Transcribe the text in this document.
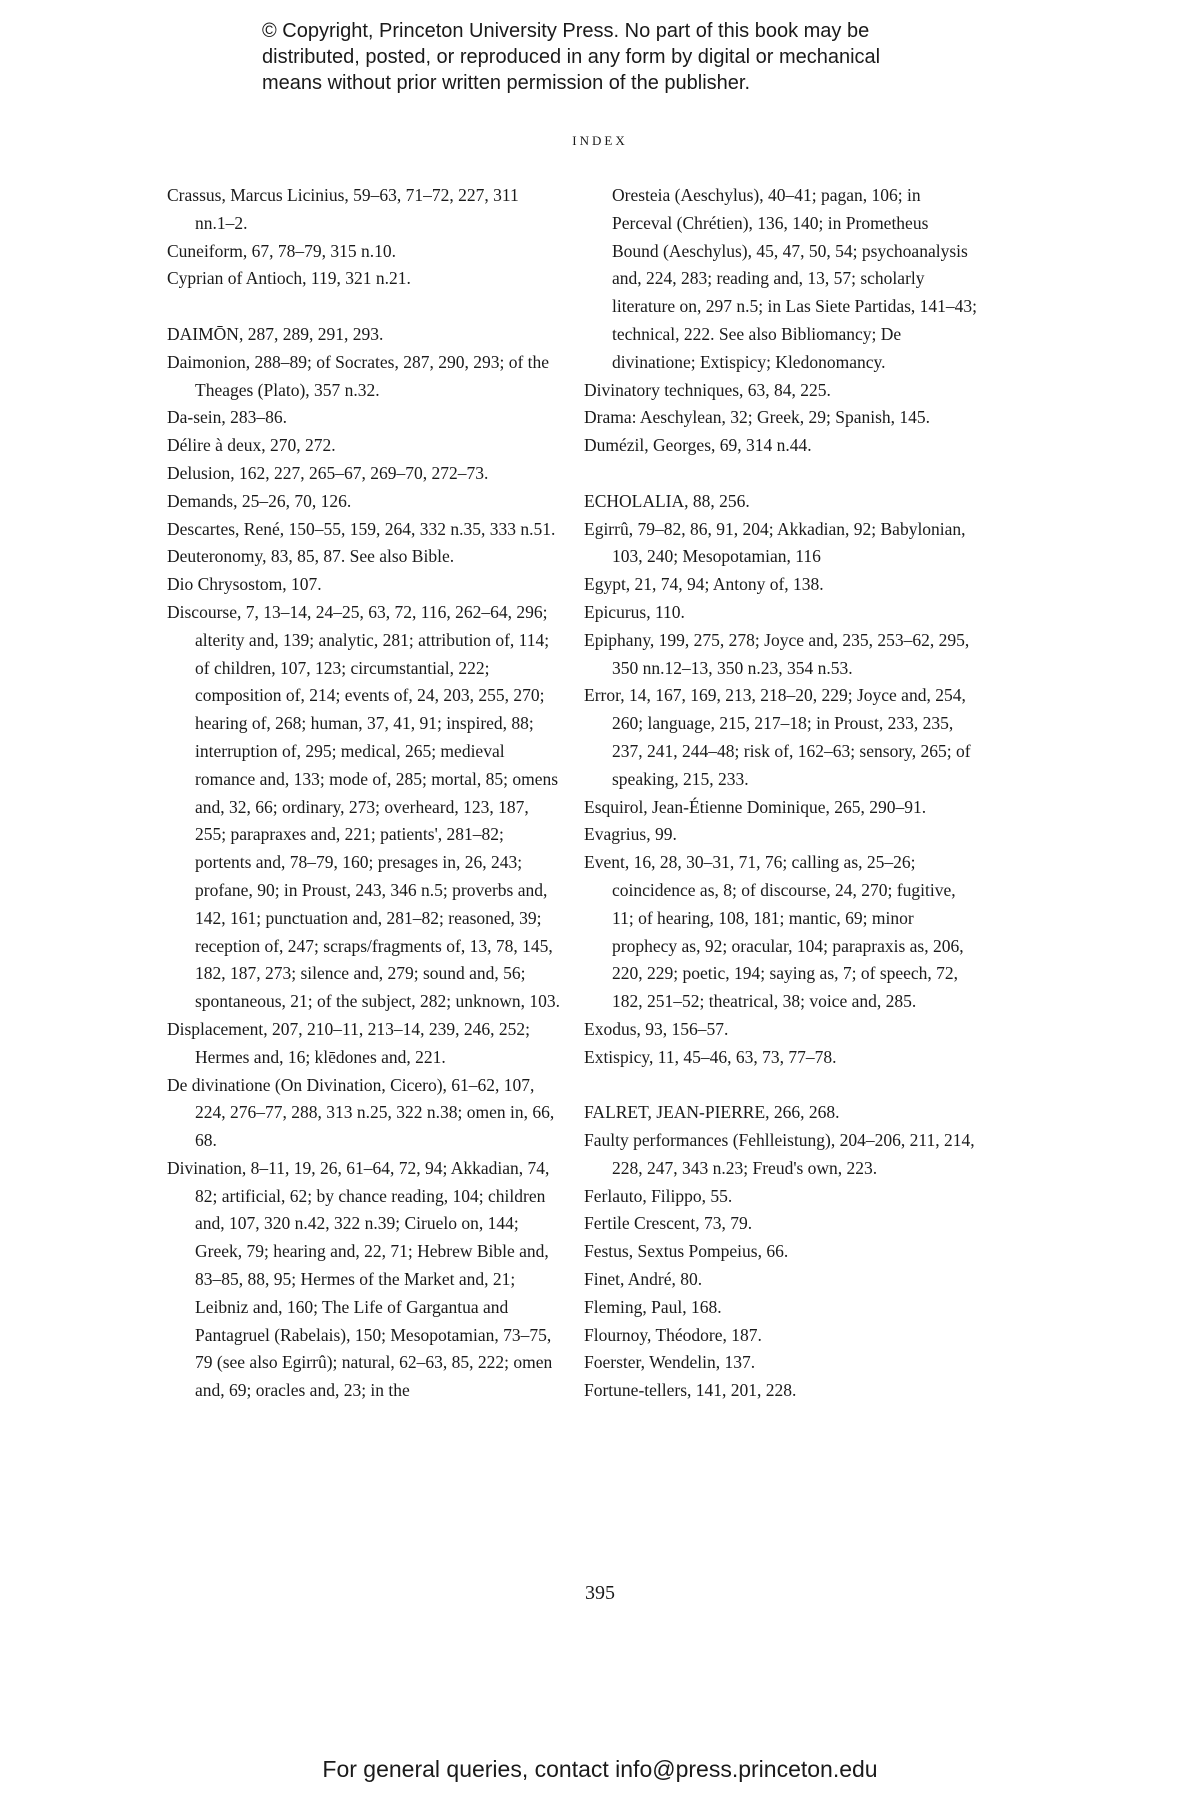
© Copyright, Princeton University Press. No part of this book may be
distributed, posted, or reproduced in any form by digital or mechanical
means without prior written permission of the publisher.
INDEX
Crassus, Marcus Licinius, 59–63, 71–72, 227, 311 nn.1–2.
Cuneiform, 67, 78–79, 315 n.10.
Cyprian of Antioch, 119, 321 n.21.
DAIMŌN, 287, 289, 291, 293.
Daimonion, 288–89; of Socrates, 287, 290, 293; of the Theages (Plato), 357 n.32.
Da-sein, 283–86.
Délire à deux, 270, 272.
Delusion, 162, 227, 265–67, 269–70, 272–73.
Demands, 25–26, 70, 126.
Descartes, René, 150–55, 159, 264, 332 n.35, 333 n.51.
Deuteronomy, 83, 85, 87. See also Bible.
Dio Chrysostom, 107.
Discourse, 7, 13–14, 24–25, 63, 72, 116, 262–64, 296; alterity and, 139; analytic, 281; attribution of, 114; of children, 107, 123; circumstantial, 222; composition of, 214; events of, 24, 203, 255, 270; hearing of, 268; human, 37, 41, 91; inspired, 88; interruption of, 295; medical, 265; medieval romance and, 133; mode of, 285; mortal, 85; omens and, 32, 66; ordinary, 273; overheard, 123, 187, 255; parapraxes and, 221; patients', 281–82; portents and, 78–79, 160; presages in, 26, 243; profane, 90; in Proust, 243, 346 n.5; proverbs and, 142, 161; punctuation and, 281–82; reasoned, 39; reception of, 247; scraps/fragments of, 13, 78, 145, 182, 187, 273; silence and, 279; sound and, 56; spontaneous, 21; of the subject, 282; unknown, 103.
Displacement, 207, 210–11, 213–14, 239, 246, 252; Hermes and, 16; klēdones and, 221.
De divinatione (On Divination, Cicero), 61–62, 107, 224, 276–77, 288, 313 n.25, 322 n.38; omen in, 66, 68.
Divination, 8–11, 19, 26, 61–64, 72, 94; Akkadian, 74, 82; artificial, 62; by chance reading, 104; children and, 107, 320 n.42, 322 n.39; Ciruelo on, 144; Greek, 79; hearing and, 22, 71; Hebrew Bible and, 83–85, 88, 95; Hermes of the Market and, 21; Leibniz and, 160; The Life of Gargantua and Pantagruel (Rabelais), 150; Mesopotamian, 73–75, 79 (see also Egirrû); natural, 62–63, 85, 222; omen and, 69; oracles and, 23; in the
Oresteia (Aeschylus), 40–41; pagan, 106; in Perceval (Chrétien), 136, 140; in Prometheus Bound (Aeschylus), 45, 47, 50, 54; psychoanalysis and, 224, 283; reading and, 13, 57; scholarly literature on, 297 n.5; in Las Siete Partidas, 141–43; technical, 222. See also Bibliomancy; De divinatione; Extispicy; Kledonomancy.
Divinatory techniques, 63, 84, 225.
Drama: Aeschylean, 32; Greek, 29; Spanish, 145.
Dumézil, Georges, 69, 314 n.44.
ECHOLALIA, 88, 256.
Egirrû, 79–82, 86, 91, 204; Akkadian, 92; Babylonian, 103, 240; Mesopotamian, 116
Egypt, 21, 74, 94; Antony of, 138.
Epicurus, 110.
Epiphany, 199, 275, 278; Joyce and, 235, 253–62, 295, 350 nn.12–13, 350 n.23, 354 n.53.
Error, 14, 167, 169, 213, 218–20, 229; Joyce and, 254, 260; language, 215, 217–18; in Proust, 233, 235, 237, 241, 244–48; risk of, 162–63; sensory, 265; of speaking, 215, 233.
Esquirol, Jean-Étienne Dominique, 265, 290–91.
Evagrius, 99.
Event, 16, 28, 30–31, 71, 76; calling as, 25–26; coincidence as, 8; of discourse, 24, 270; fugitive, 11; of hearing, 108, 181; mantic, 69; minor prophecy as, 92; oracular, 104; parapraxis as, 206, 220, 229; poetic, 194; saying as, 7; of speech, 72, 182, 251–52; theatrical, 38; voice and, 285.
Exodus, 93, 156–57.
Extispicy, 11, 45–46, 63, 73, 77–78.
FALRET, JEAN-PIERRE, 266, 268.
Faulty performances (Fehlleistung), 204–206, 211, 214, 228, 247, 343 n.23; Freud's own, 223.
Ferlauto, Filippo, 55.
Fertile Crescent, 73, 79.
Festus, Sextus Pompeius, 66.
Finet, André, 80.
Fleming, Paul, 168.
Flournoy, Théodore, 187.
Foerster, Wendelin, 137.
Fortune-tellers, 141, 201, 228.
395
For general queries, contact info@press.princeton.edu
